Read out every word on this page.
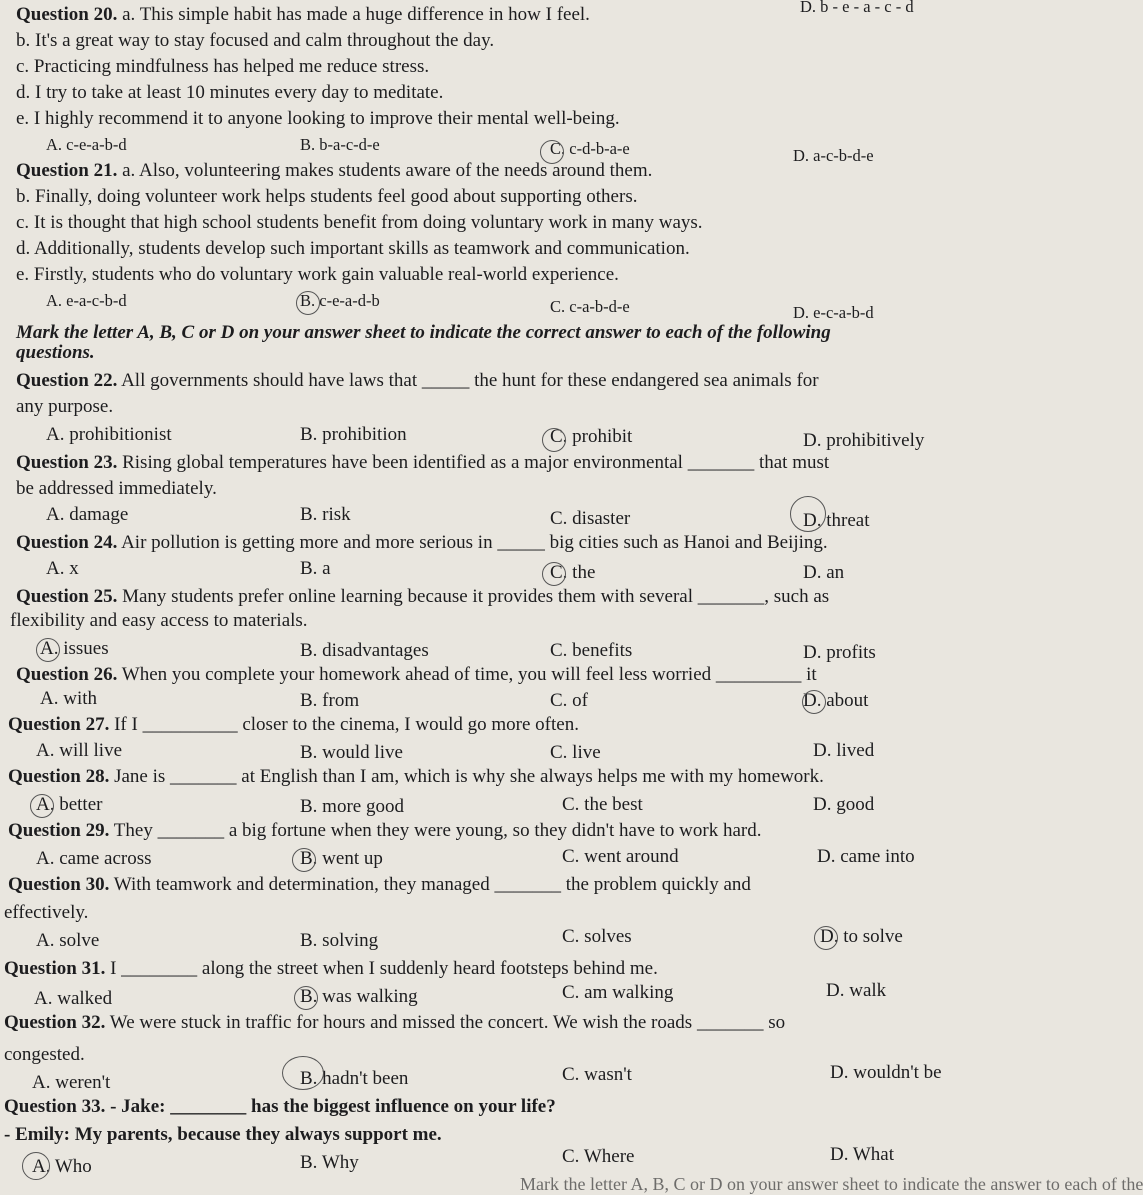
D. b - e - a - c - d
Question 20. a. This simple habit has made a huge difference in how I feel.
b. It's a great way to stay focused and calm throughout the day.
c. Practicing mindfulness has helped me reduce stress.
d. I try to take at least 10 minutes every day to meditate.
e. I highly recommend it to anyone looking to improve their mental well-being.
A. c-e-a-b-d	B. b-a-c-d-e	C. c-d-b-a-e	D. a-c-b-d-e
Question 21. a. Also, volunteering makes students aware of the needs around them.
b. Finally, doing volunteer work helps students feel good about supporting others.
c. It is thought that high school students benefit from doing voluntary work in many ways.
d. Additionally, students develop such important skills as teamwork and communication.
e. Firstly, students who do voluntary work gain valuable real-world experience.
A. e-a-c-b-d	B. c-e-a-d-b	C. c-a-b-d-e	D. e-c-a-b-d
Mark the letter A, B, C or D on your answer sheet to indicate the correct answer to each of the following
questions.
Question 22. All governments should have laws that _____ the hunt for these endangered sea animals for
any purpose.
A. prohibitionist	B. prohibition	C. prohibit	D. prohibitively
Question 23. Rising global temperatures have been identified as a major environmental _______ that must
be addressed immediately.
A. damage	B. risk	C. disaster	D. threat
Question 24. Air pollution is getting more and more serious in _____ big cities such as Hanoi and Beijing.
A. x	B. a	C. the	D. an
Question 25. Many students prefer online learning because it provides them with several _______, such as
flexibility and easy access to materials.
A. issues	B. disadvantages	C. benefits	D. profits
Question 26. When you complete your homework ahead of time, you will feel less worried _________ it
A. with	B. from	C. of	D. about
Question 27. If I __________ closer to the cinema, I would go more often.
A. will live	B. would live	C. live	D. lived
Question 28. Jane is _______ at English than I am, which is why she always helps me with my homework.
A. better	B. more good	C. the best	D. good
Question 29. They _______ a big fortune when they were young, so they didn't have to work hard.
A. came across	B. went up	C. went around	D. came into
Question 30. With teamwork and determination, they managed _______ the problem quickly and
effectively.
A. solve	B. solving	C. solves	D. to solve
Question 31. I ________ along the street when I suddenly heard footsteps behind me.
A. walked	B. was walking	C. am walking	D. walk
Question 32. We were stuck in traffic for hours and missed the concert. We wish the roads _______ so
congested.
A. weren't	B. hadn't been	C. wasn't	D. wouldn't be
Question 33. - Jake: ________ has the biggest influence on your life?
- Emily: My parents, because they always support me.
A. Who	B. Why	C. Where	D. What
Mark the letter A, B, C or D on your answer sheet to indicate the answer to each of the
